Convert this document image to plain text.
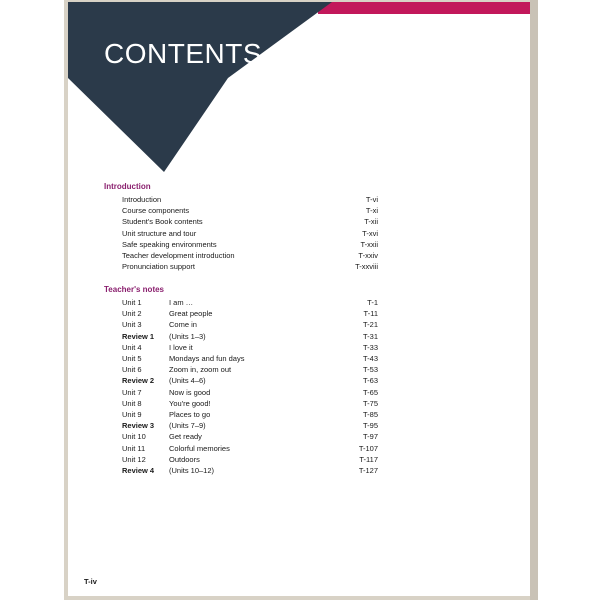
CONTENTS
Introduction
Introduction	T-vi
Course components	T-xi
Student's Book contents	T-xii
Unit structure and tour	T-xvi
Safe speaking environments	T-xxii
Teacher development introduction	T-xxiv
Pronunciation support	T-xxviii
Teacher's notes
Unit 1	I am …	T-1
Unit 2	Great people	T-11
Unit 3	Come in	T-21
Review 1 (Units 1–3)	T-31
Unit 4	I love it	T-33
Unit 5	Mondays and fun days	T-43
Unit 6	Zoom in, zoom out	T-53
Review 2 (Units 4–6)	T-63
Unit 7	Now is good	T-65
Unit 8	You're good!	T-75
Unit 9	Places to go	T-85
Review 3 (Units 7–9)	T-95
Unit 10	Get ready	T-97
Unit 11	Colorful memories	T-107
Unit 12	Outdoors	T-117
Review 4 (Units 10–12)	T-127
T-iv
